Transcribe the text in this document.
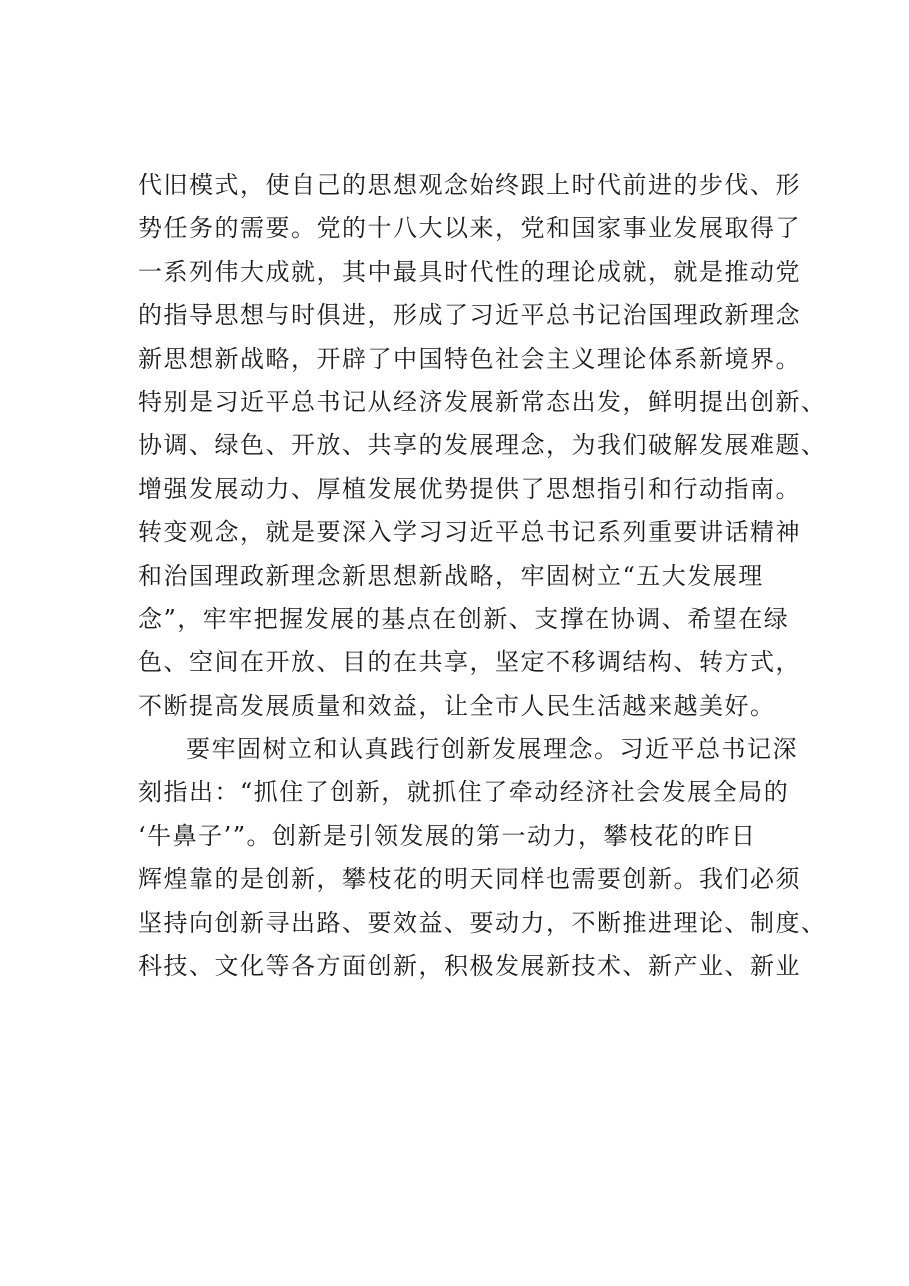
代旧模式，使自己的思想观念始终跟上时代前进的步伐、形
势任务的需要。党的十八大以来，党和国家事业发展取得了
一系列伟大成就，其中最具时代性的理论成就，就是推动党
的指导思想与时俱进，形成了习近平总书记治国理政新理念
新思想新战略，开辟了中国特色社会主义理论体系新境界。
特别是习近平总书记从经济发展新常态出发，鲜明提出创新、
协调、绿色、开放、共享的发展理念，为我们破解发展难题、
增强发展动力、厚植发展优势提供了思想指引和行动指南。
转变观念，就是要深入学习习近平总书记系列重要讲话精神
和治国理政新理念新思想新战略，牢固树立“五大发展理
念”，牢牢把握发展的基点在创新、支撑在协调、希望在绿
色、空间在开放、目的在共享，坚定不移调结构、转方式，
不断提高发展质量和效益，让全市人民生活越来越美好。
要牢固树立和认真践行创新发展理念。习近平总书记深
刻指出：“抓住了创新，就抓住了牵动经济社会发展全局的
‘牛鼻子’”。创新是引领发展的第一动力，攀枝花的昨日
辉煌靠的是创新，攀枝花的明天同样也需要创新。我们必须
坚持向创新寻出路、要效益、要动力，不断推进理论、制度、
科技、文化等各方面创新，积极发展新技术、新产业、新业
